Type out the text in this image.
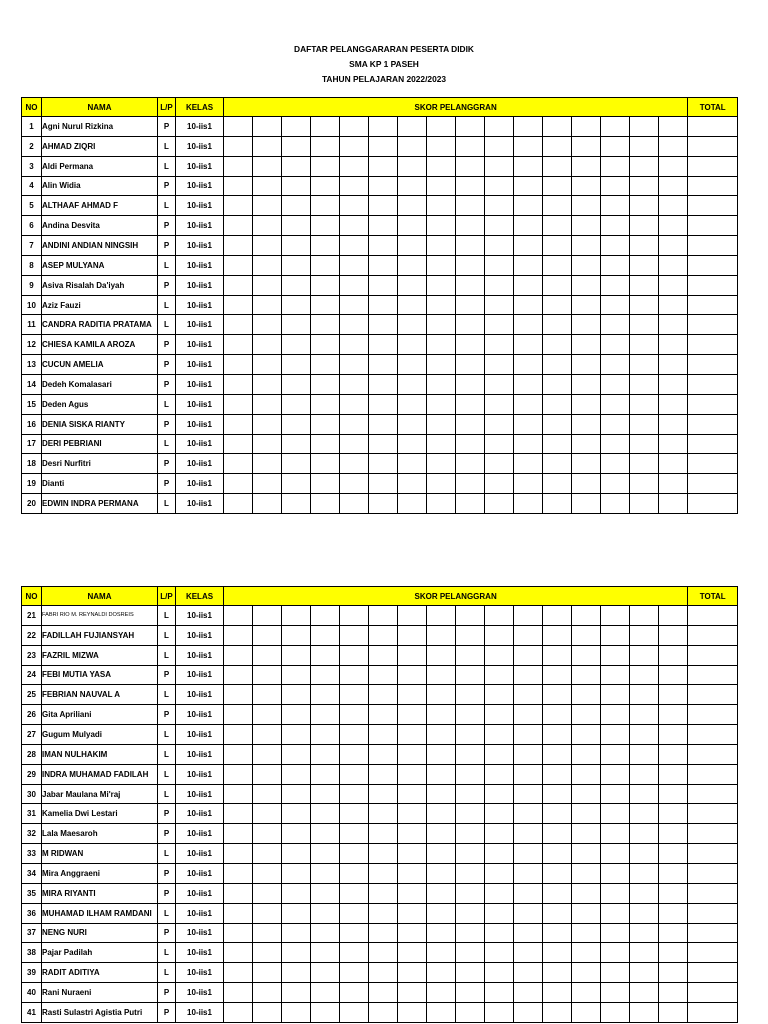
DAFTAR PELANGGARARAN PESERTA DIDIK
SMA KP 1 PASEH
TAHUN PELAJARAN 2022/2023
NO	NAMA	L/P	KELAS	SKOR PELANGGRAN																TOTAL
1	Agni Nurul Rizkina	P	10-iis1																	
2	AHMAD ZIQRI	L	10-iis1																	
3	Aldi Permana	L	10-iis1																	
4	Alin Widia	P	10-iis1																	
5	ALTHAAF AHMAD F	L	10-iis1																	
6	Andina Desvita	P	10-iis1																	
7	ANDINI ANDIAN NINGSIH	P	10-iis1																	
8	ASEP MULYANA	L	10-iis1																	
9	Asiva Risalah Da'iyah	P	10-iis1																	
10	Aziz Fauzi	L	10-iis1																	
11	CANDRA RADITIA PRATAMA	L	10-iis1																	
12	CHIESA KAMILA AROZA	P	10-iis1																	
13	CUCUN AMELIA	P	10-iis1																	
14	Dedeh Komalasari	P	10-iis1																	
15	Deden Agus	L	10-iis1																	
16	DENIA SISKA RIANTY	P	10-iis1																	
17	DERI PEBRIANI	L	10-iis1																	
18	Desri Nurfitri	P	10-iis1																	
19	Dianti	P	10-iis1																	
20	EDWIN INDRA PERMANA	L	10-iis1																	
NO	NAMA	L/P	KELAS	SKOR PELANGGRAN																TOTAL
21	FABRI RIO M. REYNALDI DOSREIS	L	10-iis1																	
22	FADILLAH FUJIANSYAH	L	10-iis1																	
23	FAZRIL MIZWA	L	10-iis1																	
24	FEBI MUTIA YASA	P	10-iis1																	
25	FEBRIAN NAUVAL A	L	10-iis1																	
26	Gita Apriliani	P	10-iis1																	
27	Gugum Mulyadi	L	10-iis1																	
28	IMAN NULHAKIM	L	10-iis1																	
29	INDRA MUHAMAD FADILAH	L	10-iis1																	
30	Jabar Maulana Mi'raj	L	10-iis1																	
31	Kamelia Dwi Lestari	P	10-iis1																	
32	Lala Maesaroh	P	10-iis1																	
33	M RIDWAN	L	10-iis1																	
34	Mira Anggraeni	P	10-iis1																	
35	MIRA RIYANTI	P	10-iis1																	
36	MUHAMAD ILHAM RAMDANI	L	10-iis1																	
37	NENG NURI	P	10-iis1																	
38	Pajar Padilah	L	10-iis1																	
39	RADIT ADITIYA	L	10-iis1																	
40	Rani Nuraeni	P	10-iis1																	
41	Rasti Sulastri Agistia Putri	P	10-iis1																	
